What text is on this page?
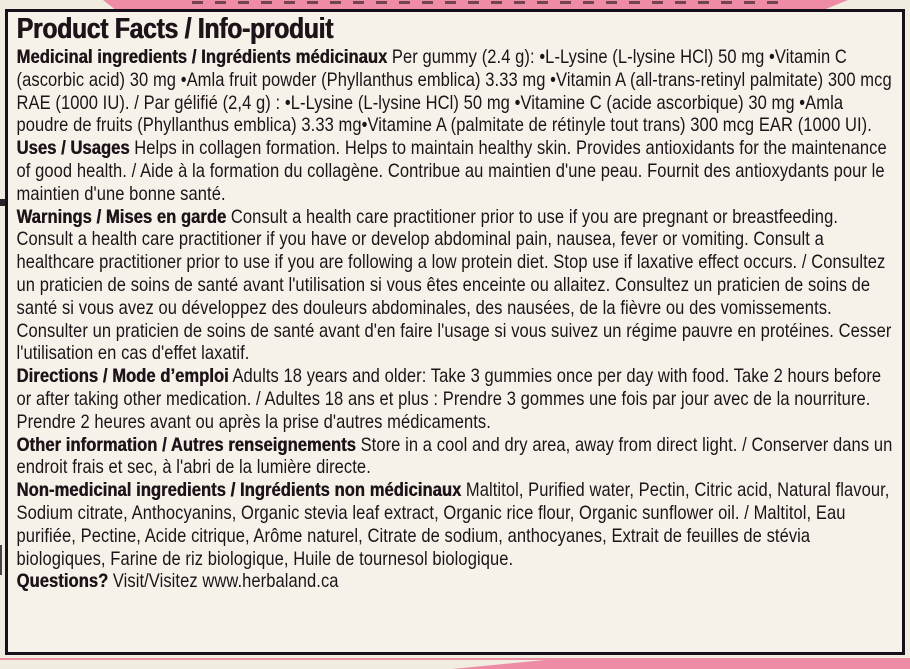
Product Facts / Info-produit

Medicinal ingredients / Ingrédients médicinaux Per gummy (2.4 g): •L-Lysine (L-lysine HCl) 50 mg •Vitamin C (ascorbic acid) 30 mg •Amla fruit powder (Phyllanthus emblica) 3.33 mg •Vitamin A (all-trans-retinyl palmitate) 300 mcg RAE (1000 IU). / Par gélifié (2,4 g) : •L-Lysine (L-lysine HCl) 50 mg •Vitamine C (acide ascorbique) 30 mg •Amla poudre de fruits (Phyllanthus emblica) 3.33 mg•Vitamine A (palmitate de rétinyle tout trans) 300 mcg EAR (1000 UI).

Uses / Usages Helps in collagen formation. Helps to maintain healthy skin. Provides antioxidants for the maintenance of good health. / Aide à la formation du collagène. Contribue au maintien d'une peau. Fournit des antioxydants pour le maintien d'une bonne santé.

Warnings / Mises en garde Consult a health care practitioner prior to use if you are pregnant or breastfeeding. Consult a health care practitioner if you have or develop abdominal pain, nausea, fever or vomiting. Consult a healthcare practitioner prior to use if you are following a low protein diet. Stop use if laxative effect occurs. / Consultez un praticien de soins de santé avant l'utilisation si vous êtes enceinte ou allaitez. Consultez un praticien de soins de santé si vous avez ou développez des douleurs abdominales, des nausées, de la fièvre ou des vomissements. Consulter un praticien de soins de santé avant d'en faire l'usage si vous suivez un régime pauvre en protéines. Cesser l'utilisation en cas d'effet laxatif.

Directions / Mode d’emploi Adults 18 years and older: Take 3 gummies once per day with food. Take 2 hours before or after taking other medication. / Adultes 18 ans et plus : Prendre 3 gommes une fois par jour avec de la nourriture. Prendre 2 heures avant ou après la prise d'autres médicaments.

Other information / Autres renseignements Store in a cool and dry area, away from direct light. / Conserver dans un endroit frais et sec, à l'abri de la lumière directe.

Non-medicinal ingredients / Ingrédients non médicinaux Maltitol, Purified water, Pectin, Citric acid, Natural flavour, Sodium citrate, Anthocyanins, Organic stevia leaf extract, Organic rice flour, Organic sunflower oil. / Maltitol, Eau purifiée, Pectine, Acide citrique, Arôme naturel, Citrate de sodium, anthocyanes, Extrait de feuilles de stévia biologiques, Farine de riz biologique, Huile de tournesol biologique.

Questions? Visit/Visitez www.herbaland.ca
